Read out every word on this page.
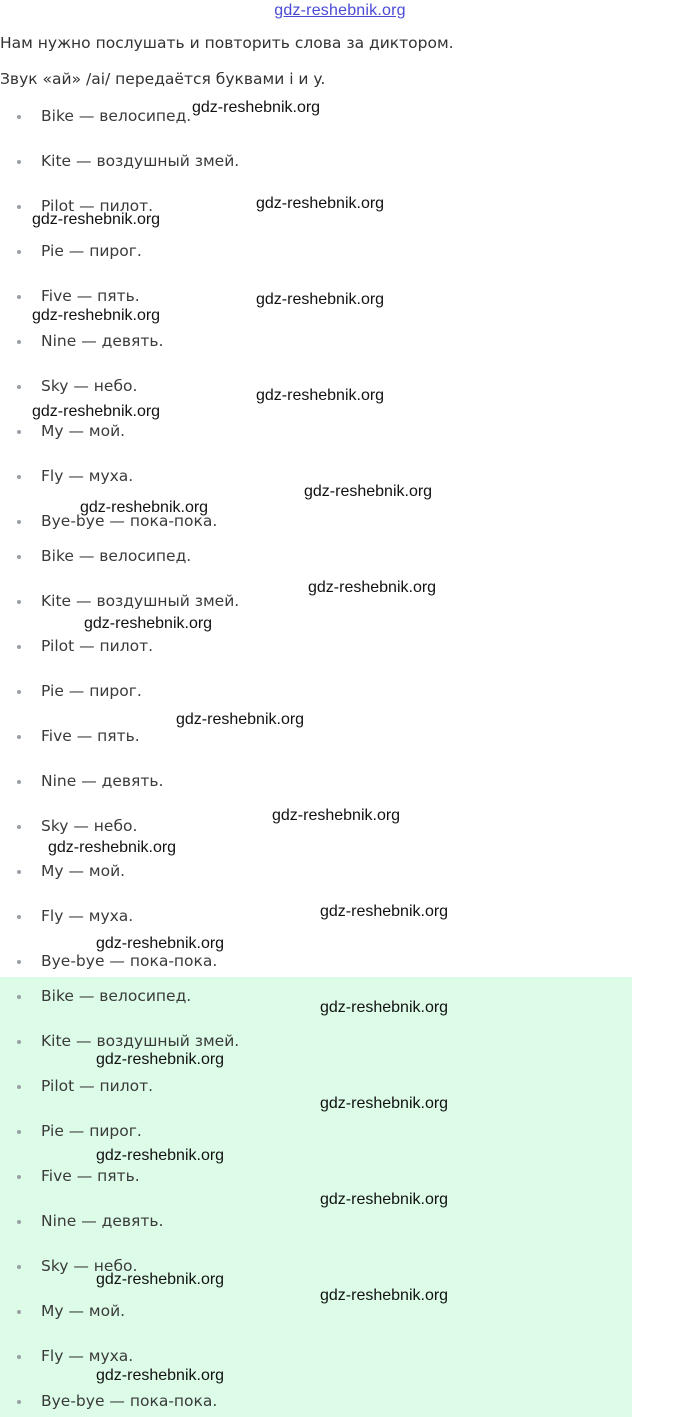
gdz-reshebnik.org
Нам нужно послушать и повторить слова за диктором.
Звук «ай» /ai/ передаётся буквами i и y.
Bike — велосипед.
Kite — воздушный змей.
Pilot — пилот.
Pie — пирог.
Five — пять.
Nine — девять.
Sky — небо.
My — мой.
Fly — муха.
Bye-bye — пока-пока.
Bike — велосипед.
Kite — воздушный змей.
Pilot — пилот.
Pie — пирог.
Five — пять.
Nine — девять.
Sky — небо.
My — мой.
Fly — муха.
Bye-bye — пока-пока.
Bike — велосипед.
Kite — воздушный змей.
Pilot — пилот.
Pie — пирог.
Five — пять.
Nine — девять.
Sky — небо.
My — мой.
Fly — муха.
Bye-bye — пока-пока.
gdz-reshebnik.org
gdz-reshebnik.org
gdz-reshebnik.org
gdz-reshebnik.org
gdz-reshebnik.org
gdz-reshebnik.org
gdz-reshebnik.org
gdz-reshebnik.org
gdz-reshebnik.org
gdz-reshebnik.org
gdz-reshebnik.org
gdz-reshebnik.org
gdz-reshebnik.org
gdz-reshebnik.org
gdz-reshebnik.org
gdz-reshebnik.org
gdz-reshebnik.org
gdz-reshebnik.org
gdz-reshebnik.org
gdz-reshebnik.org
gdz-reshebnik.org
gdz-reshebnik.org
gdz-reshebnik.org
gdz-reshebnik.org
